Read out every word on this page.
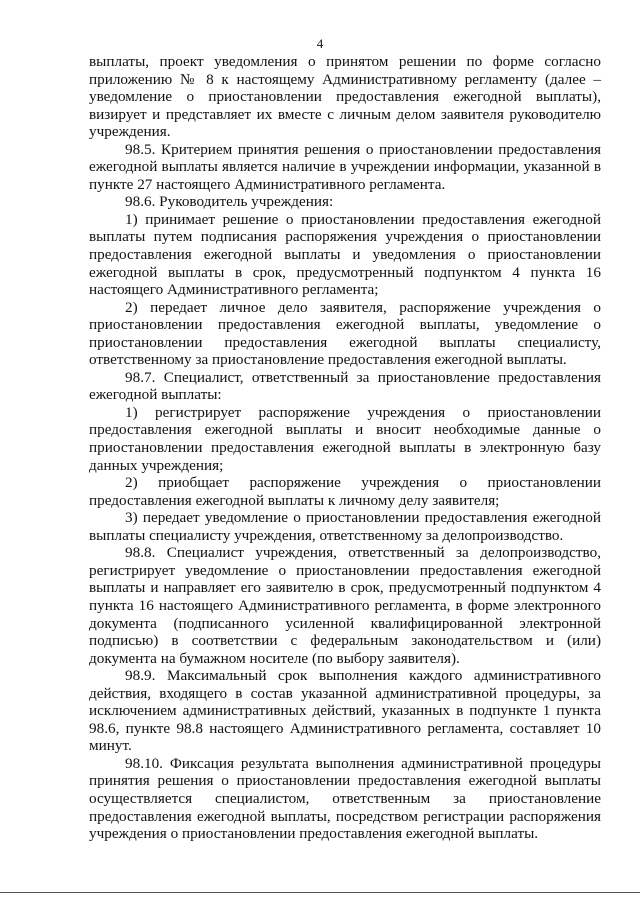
4

выплаты, проект уведомления о принятом решении по форме согласно приложению № 8 к настоящему Административному регламенту (далее – уведомление о приостановлении предоставления ежегодной выплаты), визирует и представляет их вместе с личным делом заявителя руководителю учреждения.

98.5. Критерием принятия решения о приостановлении предоставления ежегодной выплаты является наличие в учреждении информации, указанной в пункте 27 настоящего Административного регламента.

98.6. Руководитель учреждения:

1) принимает решение о приостановлении предоставления ежегодной выплаты путем подписания распоряжения учреждения о приостановлении предоставления ежегодной выплаты и уведомления о приостановлении ежегодной выплаты в срок, предусмотренный подпунктом 4 пункта 16 настоящего Административного регламента;

2) передает личное дело заявителя, распоряжение учреждения о приостановлении предоставления ежегодной выплаты, уведомление о приостановлении предоставления ежегодной выплаты специалисту, ответственному за приостановление предоставления ежегодной выплаты.

98.7. Специалист, ответственный за приостановление предоставления ежегодной выплаты:

1) регистрирует распоряжение учреждения о приостановлении предоставления ежегодной выплаты и вносит необходимые данные о приостановлении предоставления ежегодной выплаты в электронную базу данных учреждения;

2) приобщает распоряжение учреждения о приостановлении предоставления ежегодной выплаты к личному делу заявителя;

3) передает уведомление о приостановлении предоставления ежегодной выплаты специалисту учреждения, ответственному за делопроизводство.

98.8. Специалист учреждения, ответственный за делопроизводство, регистрирует уведомление о приостановлении предоставления ежегодной выплаты и направляет его заявителю в срок, предусмотренный подпунктом 4 пункта 16 настоящего Административного регламента, в форме электронного документа (подписанного усиленной квалифицированной электронной подписью) в соответствии с федеральным законодательством и (или) документа на бумажном носителе (по выбору заявителя).

98.9. Максимальный срок выполнения каждого административного действия, входящего в состав указанной административной процедуры, за исключением административных действий, указанных в подпункте 1 пункта 98.6, пункте 98.8 настоящего Административного регламента, составляет 10 минут.

98.10. Фиксация результата выполнения административной процедуры принятия решения о приостановлении предоставления ежегодной выплаты осуществляется специалистом, ответственным за приостановление предоставления ежегодной выплаты, посредством регистрации распоряжения учреждения о приостановлении предоставления ежегодной выплаты.
